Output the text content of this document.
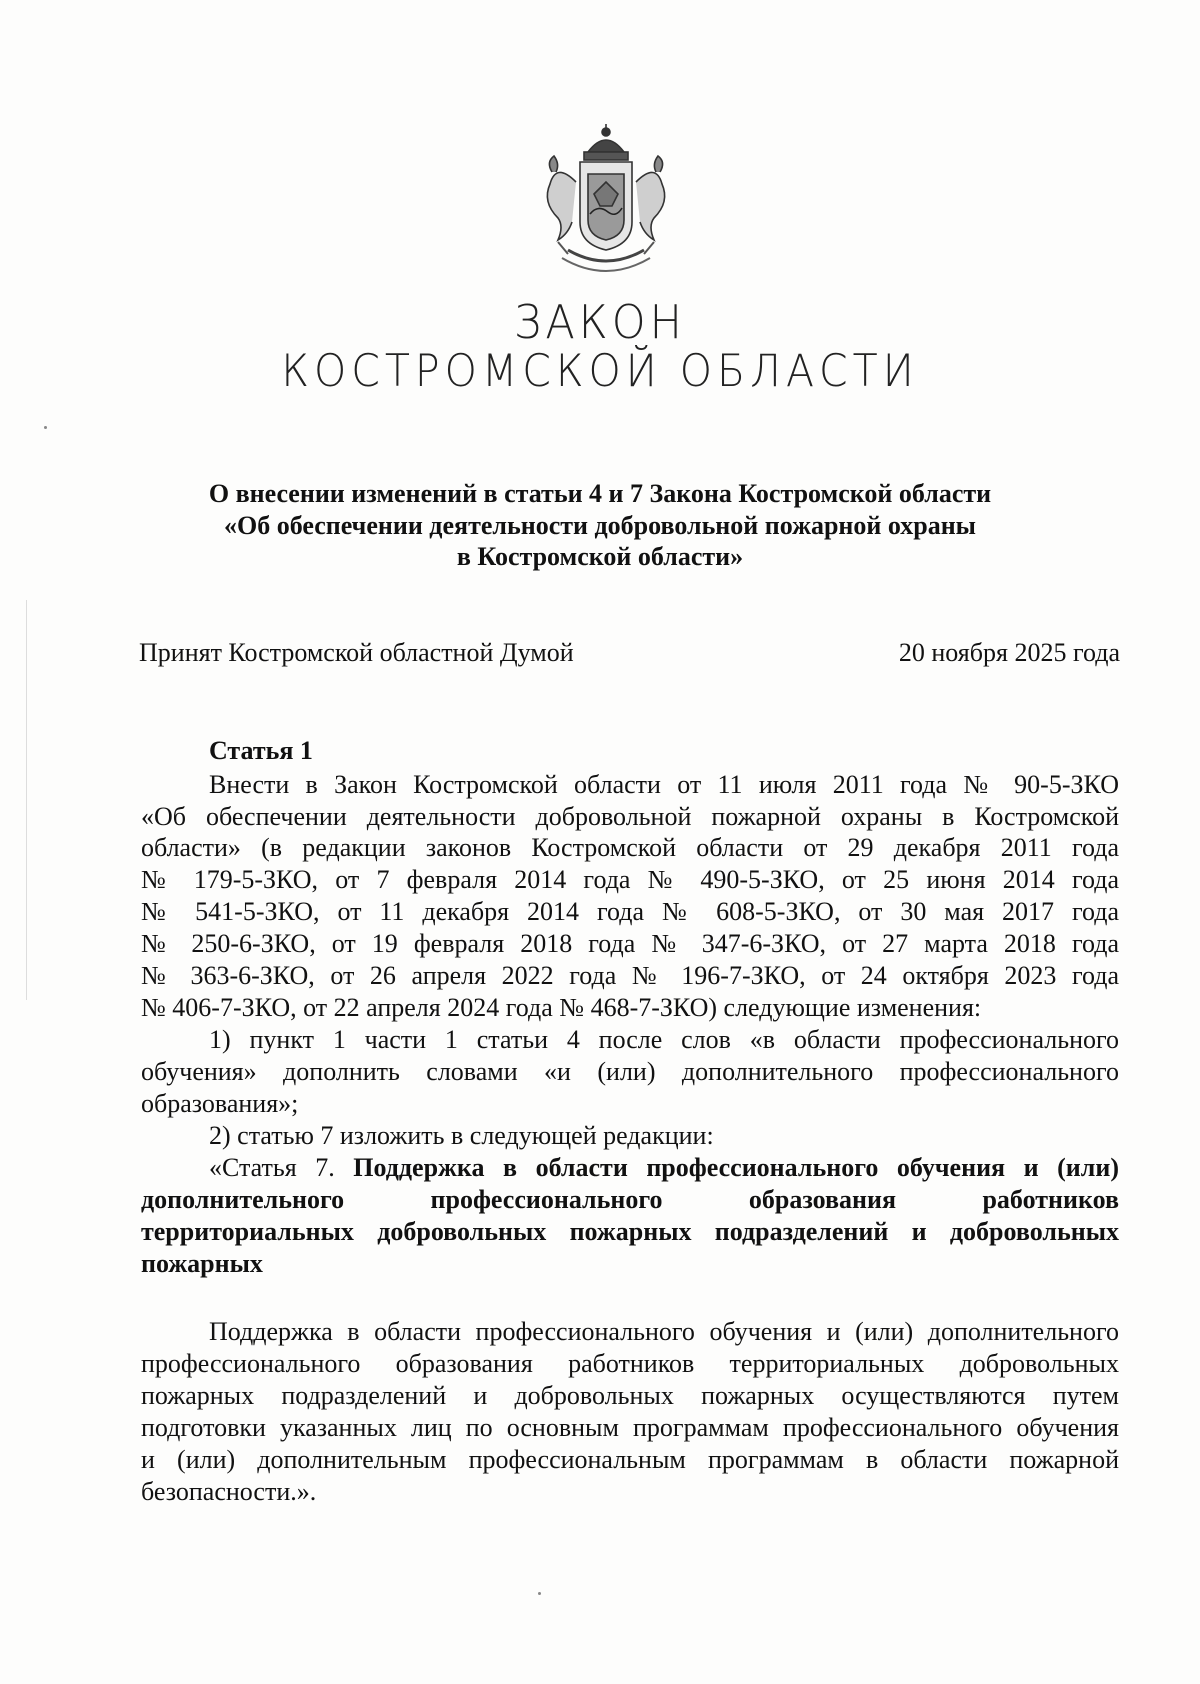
ЗАКОН
КОСТРОМСКОЙ ОБЛАСТИ
О внесении изменений в статьи 4 и 7 Закона Костромской области
«Об обеспечении деятельности добровольной пожарной охраны
в Костромской области»
Принят Костромской областной Думой	20 ноября 2025 года
Статья 1
Внести в Закон Костромской области от 11 июля 2011 года № 90-5-ЗКО
«Об обеспечении деятельности добровольной пожарной охраны в Костромской
области» (в редакции законов Костромской области от 29 декабря 2011 года
№ 179-5-ЗКО, от 7 февраля 2014 года № 490-5-ЗКО, от 25 июня 2014 года
№ 541-5-ЗКО, от 11 декабря 2014 года № 608-5-ЗКО, от 30 мая 2017 года
№ 250-6-ЗКО, от 19 февраля 2018 года № 347-6-ЗКО, от 27 марта 2018 года
№ 363-6-ЗКО, от 26 апреля 2022 года № 196-7-ЗКО, от 24 октября 2023 года
№ 406-7-ЗКО, от 22 апреля 2024 года № 468-7-ЗКО) следующие изменения:
1) пункт 1 части 1 статьи 4 после слов «в области профессионального
обучения» дополнить словами «и (или) дополнительного профессионального
образования»;
2) статью 7 изложить в следующей редакции:
«Статья 7. Поддержка в области профессионального обучения и (или)
дополнительного профессионального образования работников
территориальных добровольных пожарных подразделений и добровольных
пожарных
Поддержка в области профессионального обучения и (или) дополнительного
профессионального образования работников территориальных добровольных
пожарных подразделений и добровольных пожарных осуществляются путем
подготовки указанных лиц по основным программам профессионального обучения
и (или) дополнительным профессиональным программам в области пожарной
безопасности.».
